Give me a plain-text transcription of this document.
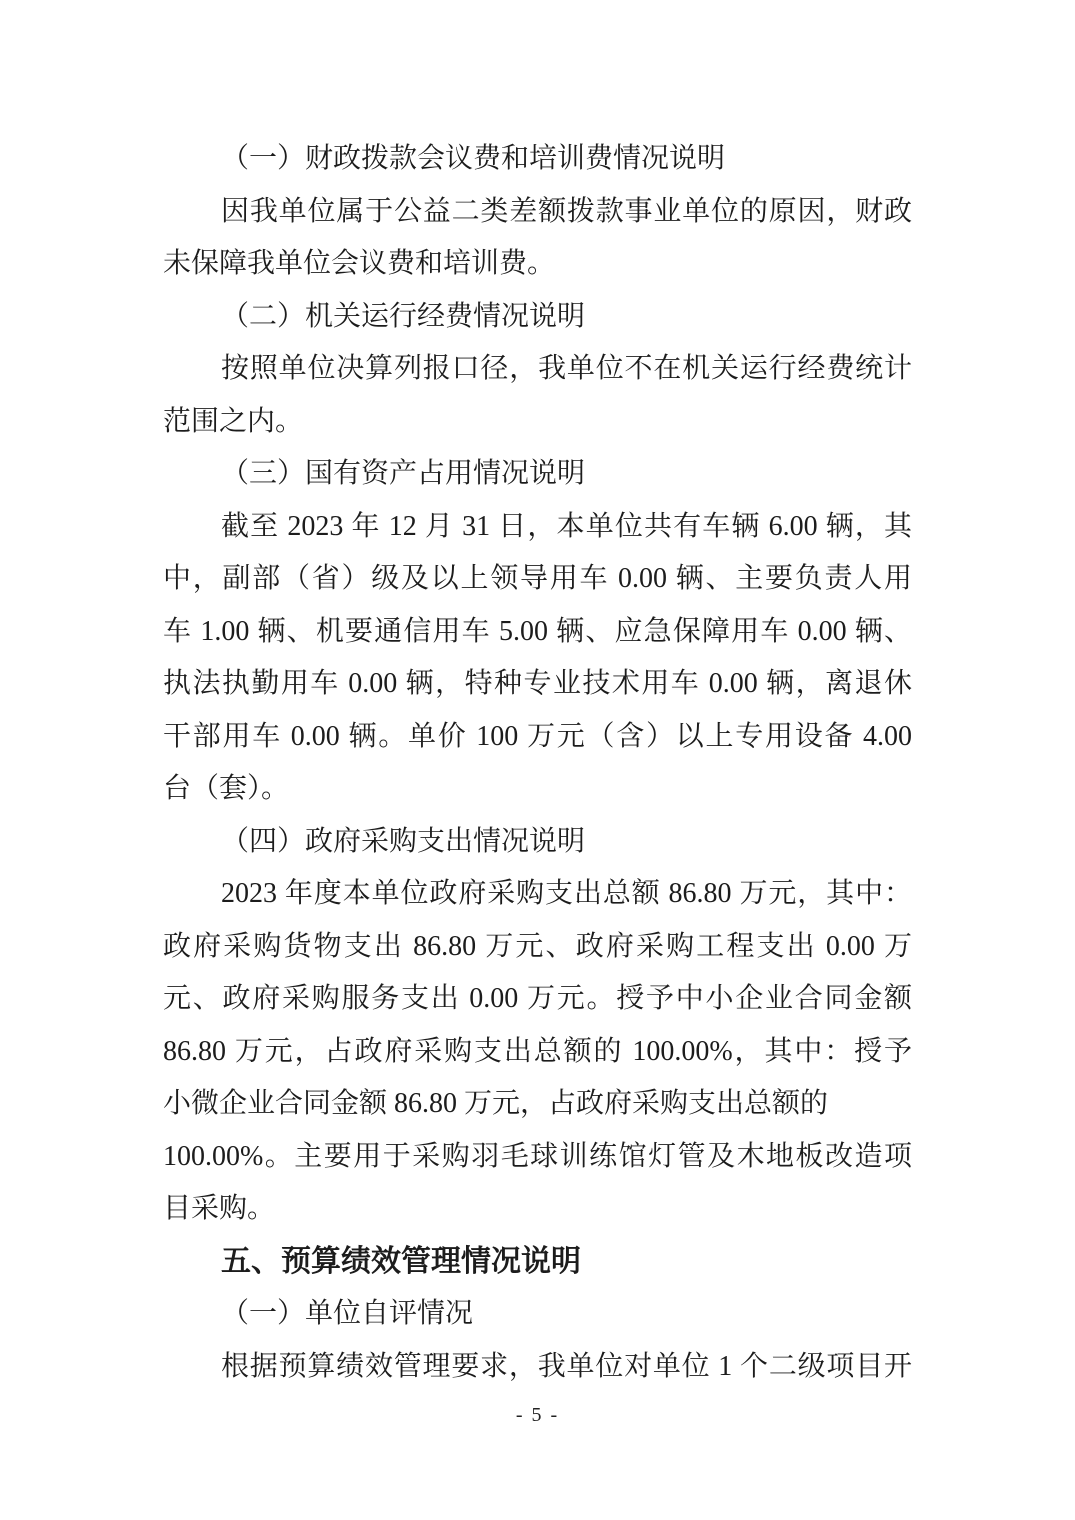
（一）财政拨款会议费和培训费情况说明
因我单位属于公益二类差额拨款事业单位的原因，财政
未保障我单位会议费和培训费。
（二）机关运行经费情况说明
按照单位决算列报口径，我单位不在机关运行经费统计
范围之内。
（三）国有资产占用情况说明
截至 2023 年 12 月 31 日，本单位共有车辆 6.00 辆，其
中，副部（省）级及以上领导用车 0.00 辆、主要负责人用
车 1.00 辆、机要通信用车 5.00 辆、应急保障用车 0.00 辆、
执法执勤用车 0.00 辆，特种专业技术用车 0.00 辆，离退休
干部用车 0.00 辆。单价 100 万元（含）以上专用设备 4.00
台（套）。
（四）政府采购支出情况说明
2023 年度本单位政府采购支出总额 86.80 万元，其中：
政府采购货物支出 86.80 万元、政府采购工程支出 0.00 万
元、政府采购服务支出 0.00 万元。授予中小企业合同金额
86.80 万元，占政府采购支出总额的 100.00%，其中：授予
小微企业合同金额 86.80 万元，占政府采购支出总额的
100.00%。主要用于采购羽毛球训练馆灯管及木地板改造项
目采购。
五、预算绩效管理情况说明
（一）单位自评情况
根据预算绩效管理要求，我单位对单位 1 个二级项目开
- 5 -
